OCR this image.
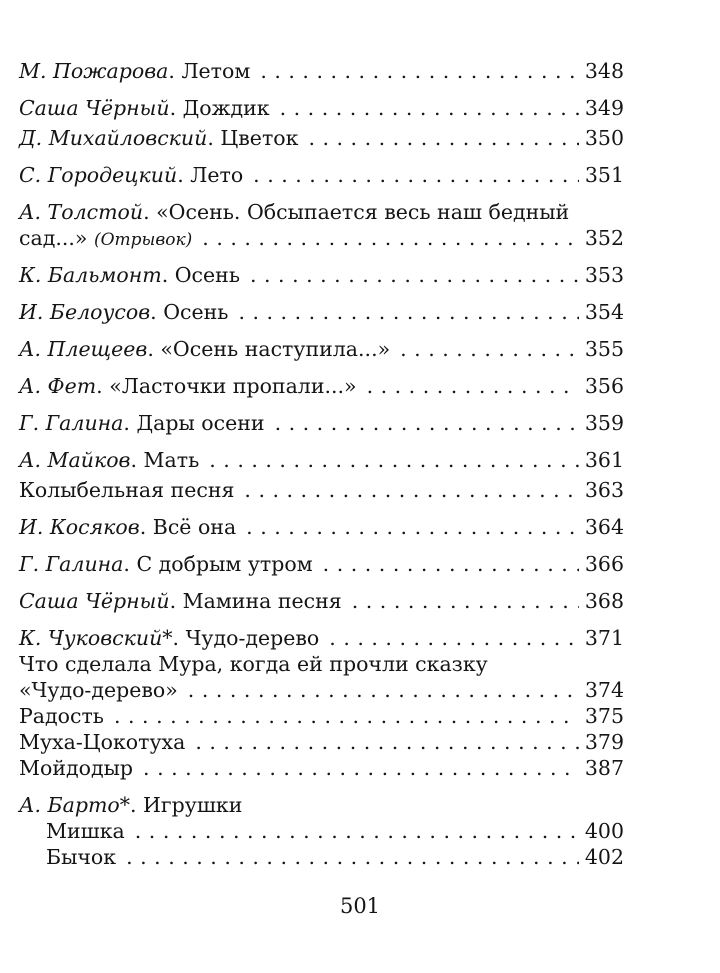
М. Пожарова. Летом . . .	348
Саша Чёрный. Дождик . . .	349
Д. Михайловский. Цветок . . .	350
С. Городецкий. Лето . . .	351
А. Толстой. «Осень. Обсыпается весь наш бедный
сад...» (Отрывок) . . .	352
К. Бальмонт. Осень . . .	353
И. Белоусов. Осень . . .	354
А. Плещеев. «Осень наступила...» . . .	355
А. Фет. «Ласточки пропали...» . . .	356
Г. Галина. Дары осени . . .	359
А. Майков. Мать . . .	361
Колыбельная песня . . .	363
И. Косяков. Всё она . . .	364
Г. Галина. С добрым утром . . .	366
Саша Чёрный. Мамина песня . . .	368
К. Чуковский*. Чудо-дерево . . .	371
Что сделала Мура, когда ей прочли сказку
«Чудо-дерево» . . .	374
Радость . . .	375
Муха-Цокотуха . . .	379
Мойдодыр . . .	387
А. Барто*. Игрушки
Мишка . . .	400
Бычок . . .	402
501
